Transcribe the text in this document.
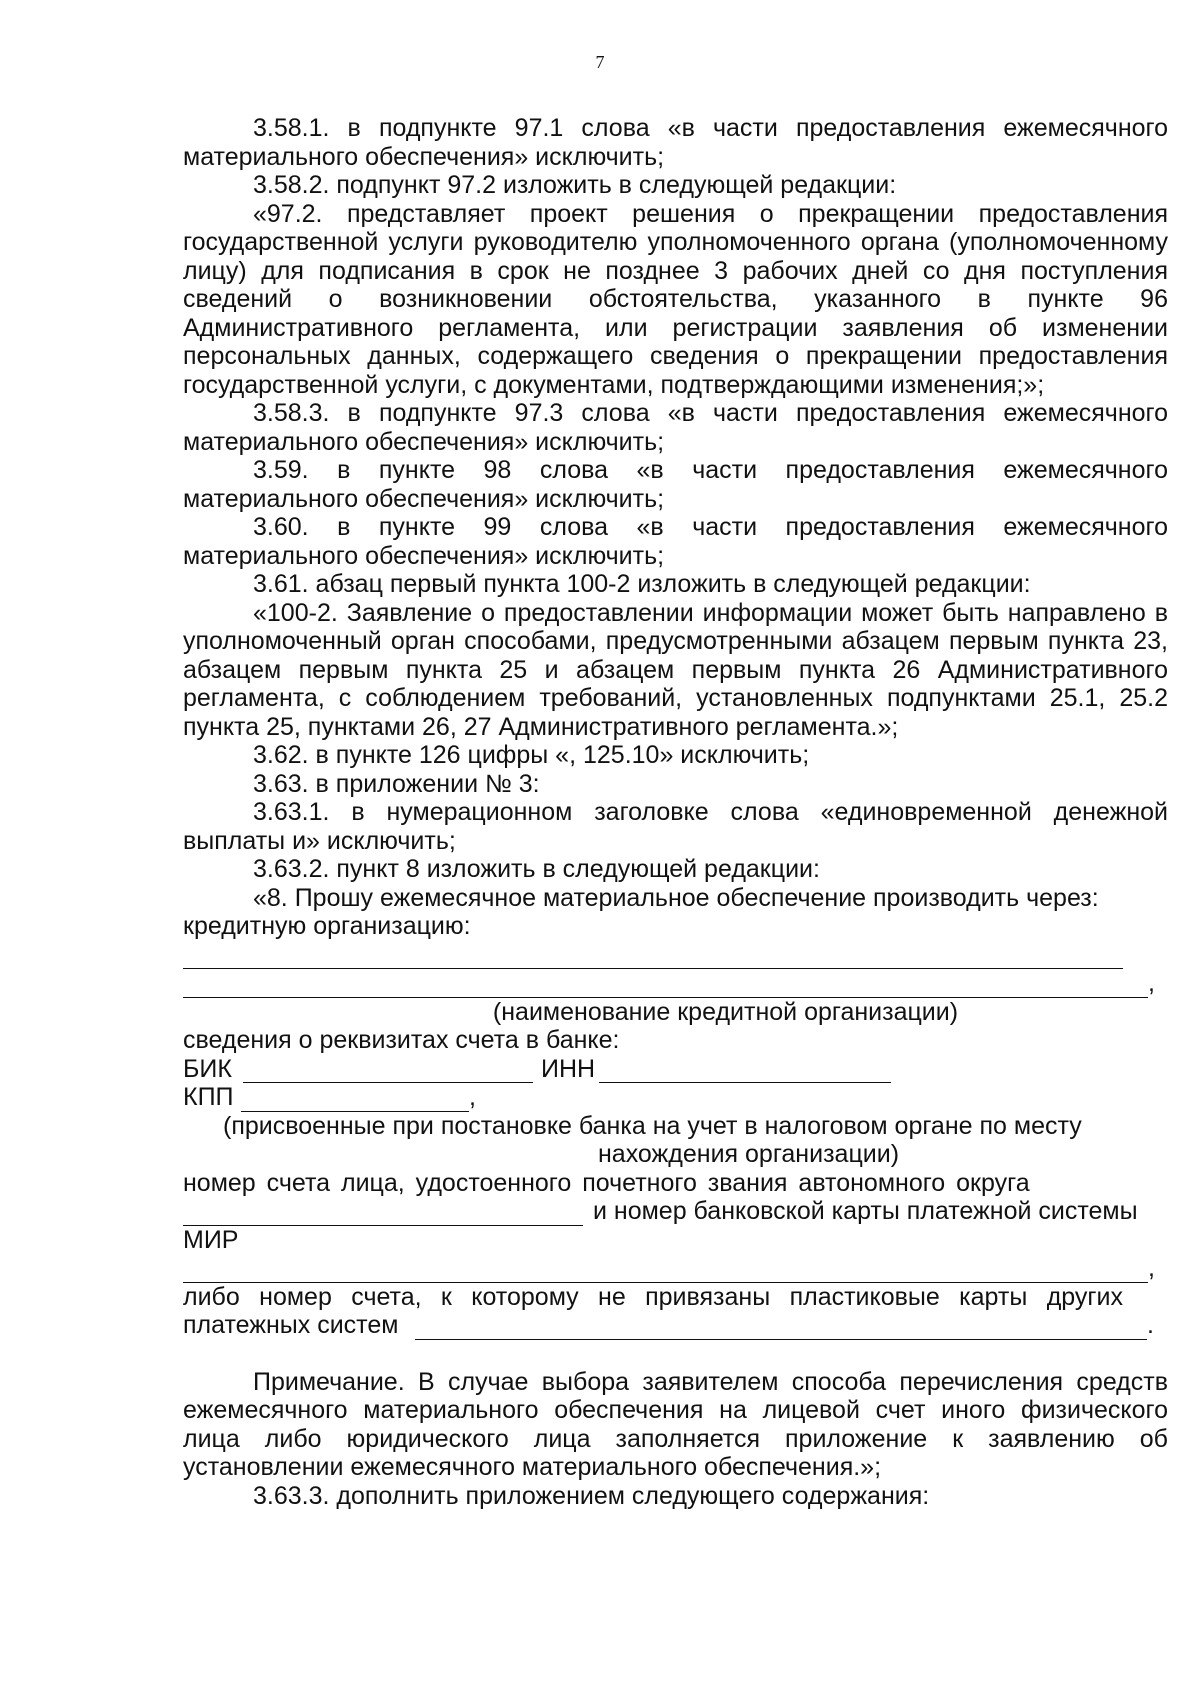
7

3.58.1. в подпункте 97.1 слова «в части предоставления ежемесячного материального обеспечения» исключить;

3.58.2. подпункт 97.2 изложить в следующей редакции:

«97.2. представляет проект решения о прекращении предоставления государственной услуги руководителю уполномоченного органа (уполномоченному лицу) для подписания в срок не позднее 3 рабочих дней со дня поступления сведений о возникновении обстоятельства, указанного в пункте 96 Административного регламента, или регистрации заявления об изменении персональных данных, содержащего сведения о прекращении предоставления государственной услуги, с документами, подтверждающими изменения;»;

3.58.3. в подпункте 97.3 слова «в части предоставления ежемесячного материального обеспечения» исключить;

3.59. в пункте 98 слова «в части предоставления ежемесячного материального обеспечения» исключить;

3.60. в пункте 99 слова «в части предоставления ежемесячного материального обеспечения» исключить;

3.61. абзац первый пункта 100-2 изложить в следующей редакции:

«100-2. Заявление о предоставлении информации может быть направлено в уполномоченный орган способами, предусмотренными абзацем первым пункта 23, абзацем первым пункта 25 и абзацем первым пункта 26 Административного регламента, с соблюдением требований, установленных подпунктами 25.1, 25.2 пункта 25, пунктами 26, 27 Административного регламента.»;

3.62. в пункте 126 цифры «, 125.10» исключить;

3.63. в приложении № 3:

3.63.1. в нумерационном заголовке слова «единовременной денежной выплаты и» исключить;

3.63.2. пункт 8 изложить в следующей редакции:

«8. Прошу ежемесячное материальное обеспечение производить через: кредитную организацию:

,

(наименование кредитной организации)

сведения о реквизитах счета в банке:

БИК	ИНН
КПП	,

(присвоенные при постановке банка на учет в налоговом органе по месту

нахождения организации)

номер счета лица, удостоенного почетного звания автономного округа

и номер банковской карты платежной системы

МИР

,

либо номер счета, к которому не привязаны пластиковые карты других

платежных систем	.

Примечание. В случае выбора заявителем способа перечисления средств ежемесячного материального обеспечения на лицевой счет иного физического лица либо юридического лица заполняется приложение к заявлению об установлении ежемесячного материального обеспечения.»;

3.63.3. дополнить приложением следующего содержания:
